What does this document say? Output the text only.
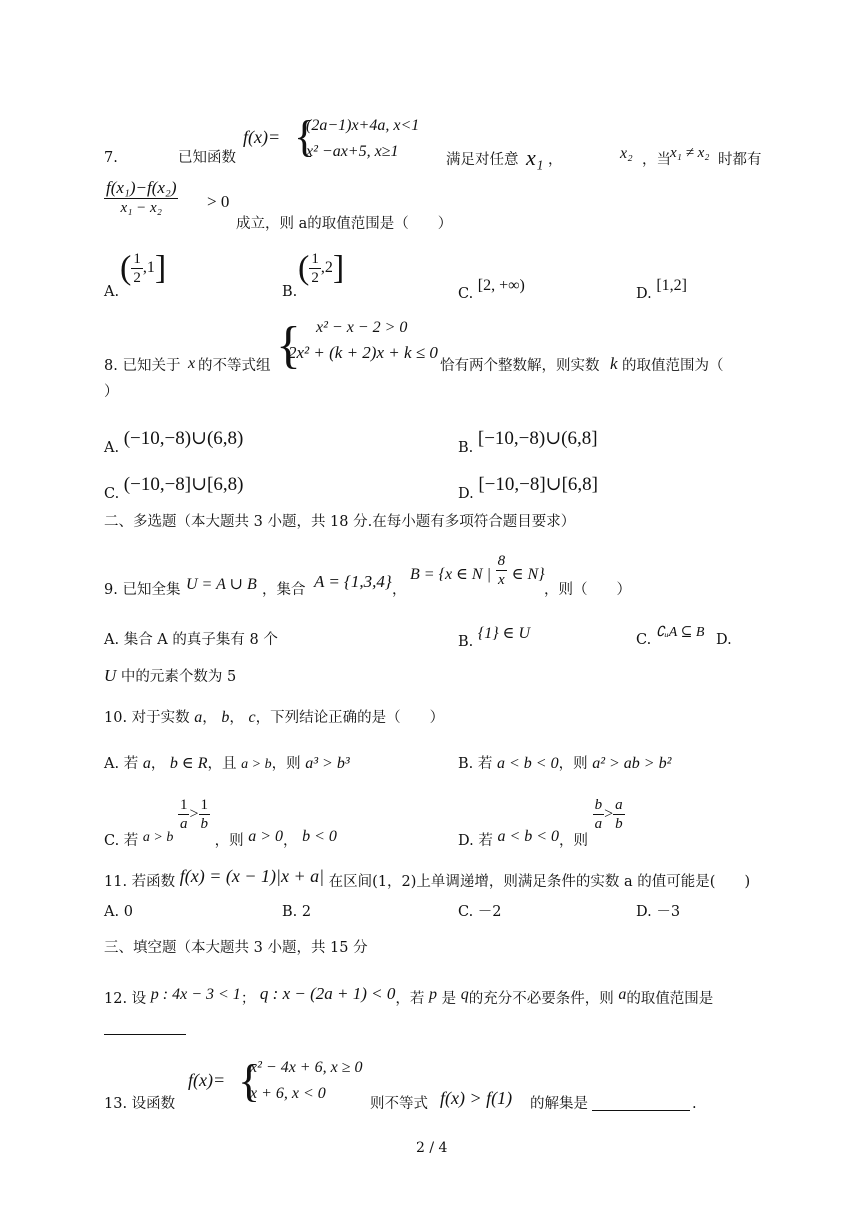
7.	已知函数
f(x)= {
(2a−1)x+4a, x<1
x² −ax+5, x≥1	满足对任意 x₁ ，	x₂ ，当 x₁ ≠ x₂ 时都有
$\frac{\text{f(x₁)−f(x₂)}}{\text{x₁ − x₂}} > 0$
成立，则 a的取值范围是（　　）
A.
( $\frac{1}{2} ,1$]
B.
( $\frac{1}{2} ,2$]
C. [2, +∞)	D. [1,2]
8. 已知关于 x 的不等式组 { x² − x − 2 > 0
2x² + (k + 2)x + k ≤ 0
恰有两个整数解，则实数 k 的取值范围为（
）
A. (−10,−8)∪(6,8)	B. [−10,−8)∪(6,8]
C. (−10,−8]∪[6,8)	D. [−10,−8]∪[6,8]
二、多选题（本大题共 3 小题，共 18 分.在每小题有多项符合题目要求）
9. 已知全集 U = A ∪ B ，集合 A = {1,3,4} ，
B = {x ∈ N | $\frac{8}{x}$ ∈ N}
，则（　　）
A. 集合 A 的真子集有 8 个	B. {1} ∈ U	C. ∁ᵤA ⊆ B D.
U 中的元素个数为 5
10. 对于实数 a， b， c，下列结论正确的是（　　）
A. 若 a， b ∈ R，且 a > b，则 a³ > b³	B. 若 a < b < 0，则 a² > ab > b²
C. 若 a > b
$\frac{1}{a} > \frac{1}{b}$
，则 a > 0， b < 0	D. 若 a < b < 0，则
$\frac{b}{a} > \frac{a}{b}$
11. 若函数 f(x) = (x − 1)|x + a| 在区间(1，2)上单调递增，则满足条件的实数 a 的值可能是(　　)
A. 0	B. 2	C. －2	D. －3
三、填空题（本大题共 3 小题，共 15 分
12. 设 p : 4x − 3 < 1； q : x − (2a + 1) < 0，若 p 是 q的充分不必要条件，则 a的取值范围是
13. 设函数
f(x)= {
x² − 4x + 6, x ≥ 0
x + 6, x < 0
则不等式 f(x) > f(1) 的解集是	.
2 / 4
